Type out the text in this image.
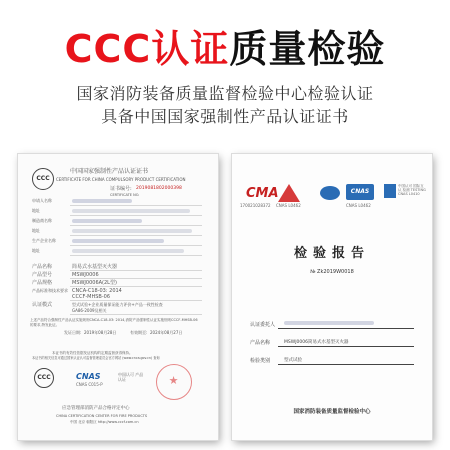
CCC认证质量检验
国家消防装备质量监督检验中心检验认证
具备中国国家强制性产品认证证书
CCC
中国国家强制性产品认证证书
CERTIFICATE FOR CHINA COMPULSORY PRODUCT CERTIFICATION
证书编号: 2019081802000398
CERTIFICATE NO.
申请人名称
地址
制造商名称
地址
生产企业名称
地址
产品名称	简易式水基型灭火器
产品型号	MSWJ0006
产品规格	MSWJ0006A(2L型)
产品标准和技术要求 CNCA-C18-03: 2014
CCCF-MHSB-06
认证模式	型式试验+企业质量保证能力评价+产品一致性检查
GA86-2009及相关
上述产品符合强制性产品认证实施规则CNCA-C18-03: 2014,消防产品强制性认证实施细则CCCF-MHSB-06
的要求,特发此证。
发证日期: 2019年08月28日	有效期至: 2024年08月27日
本证书的有效性依据发证机构的定期监督获得保持。
本证书的相关信息可通过国家认证认可监督管理委员会官方网站 (www.cnca.gov.cn) 查询
CCC	CNAS
CNAS C015-P
中国认可 产品认证
★
应急管理部消防产品合格评定中心
CHINA CERTIFICATION CENTER FOR FIRE PRODUCTS
中国 北京 朝阳区 http://www.cccf.com.cn
CMA
170021028372 CNAS L0462
CNAS
CNAS L0462
中国认可 国际互认 检测 TESTING CNAS L0410
检验报告
№ Zk2019W0018
认证委托人
产品名称	MSWJ0006简易式水基型灭火器
检验类别	型式试验
国家消防装备质量监督检验中心
